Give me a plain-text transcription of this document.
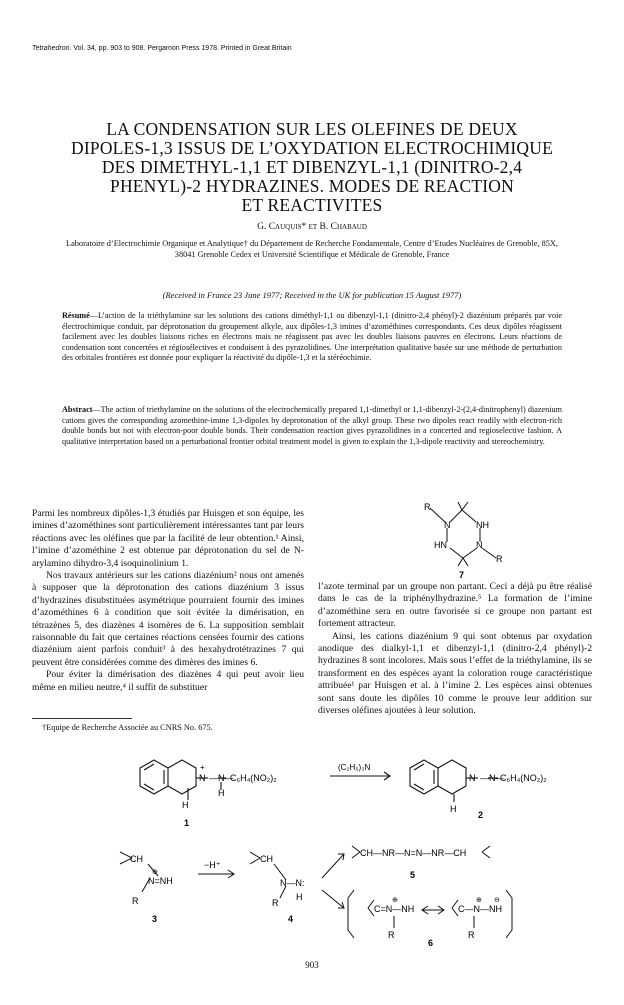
Tetrahedron. Vol. 34, pp. 903 to 908. Pergamon Press 1978. Printed in Great Britain
LA CONDENSATION SUR LES OLEFINES DE DEUX
DIPOLES-1,3 ISSUS DE L’OXYDATION ELECTROCHIMIQUE
DES DIMETHYL-1,1 ET DIBENZYL-1,1 (DINITRO-2,4
PHENYL)-2 HYDRAZINES. MODES DE REACTION
ET REACTIVITES
G. Cauquis* et B. Chabaud
Laboratoire d’Electrochimie Organique et Analytique† du Département de Recherche Fondamentale, Centre d’Etudes Nucléaires de Grenoble, 85X, 38041 Grenoble Cedex et Université Scientifique et Médicale de Grenoble, France
(Received in France 23 June 1977; Received in the UK for publication 15 August 1977)
Résumé—L’action de la triéthylamine sur les solutions des cations diméthyl-1,1 ou dibenzyl-1,1 (dinitro-2,4 phényl)-2 diazénium préparés par voie électrochimique conduit, par déprotonation du groupement alkyle, aux dipôles-1,3 imines d’azométhines correspondants. Ces deux dipôles réagissent facilement avec les doubles liaisons riches en électrons mais ne réagissent pas avec les doubles liaisons pauvres en électrons. Leurs réactions de condensation sont concertées et régiosélectives et conduisent à des pyrazolidines. Une interprétation qualitative basée sur une méthode de perturbation des orbitales frontières est donnée pour expliquer la réactivité du dipôle-1,3 et la stéréochimie.
Abstract—The action of triethylamine on the solutions of the electrochemically prepared 1,1-dimethyl or 1,1-dibenzyl-2-(2,4-dinitrophenyl) diazenium cations gives the corresponding azomethine-imine 1,3-dipoles by deprotonation of the alkyl group. These two dipoles react readily with electron-rich double bonds but not with electron-poor double bonds. Their condensation reaction gives pyrazolidines in a concerted and regioselective fashion. A qualitative interpretation based on a perturbational frontier orbital treatment model is given to explain the 1,3-dipole reactivity and stereochemistry.

Parmi les nombreux dipôles-1,3 étudiés par Huisgen et son équipe, les imines d’azométhines sont particulièrement intéressantes tant par leurs réactions avec les oléfines que par la facilité de leur obtention.¹ Ainsi, l’imine d’azométhine 2 est obtenue par déprotonation du sel de N-arylamino dihydro-3,4 isoquinolinium 1.

Nos travaux antérieurs sur les cations diazénium² nous ont amenés à supposer que la déprotonation des cations diazénium 3 issus d’hydrazines disubstituées asymétrique pourraient fournir des imines d’azométhines 6 à condition que soit évitée la dimérisation, en tétrazènes 5, des diazènes 4 isomères de 6. La supposition semblait raisonnable du fait que certaines réactions censées fournir des cations diazénium aient parfois conduit³ à des hexahydrotétrazines 7 qui peuvent être considérées comme des dimères des imines 6.

Pour éviter la dimérisation des diazènes 4 qui peut avoir lieu même en milieu neutre,⁴ il suffit de substituer

†Equipe de Recherche Associée au CNRS No. 675.
R
N	NH
HN	N
R
7

l’azote terminal par un groupe non partant. Ceci a déjà pu être réalisé dans le cas de la triphénylhydrazine.⁵ La formation de l’imine d’azométhine sera en outre favorisée si ce groupe non partant est fortement attracteur.

Ainsi, les cations diazénium 9 qui sont obtenus par oxydation anodique des dialkyl-1,1 et dibenzyl-1,1 (dinitro-2,4 phényl)-2 hydrazines 8 sont incolores. Mais sous l’effet de la triéthylamine, ils se transforment en des espèces ayant la coloration rouge caractéristique attribuée¹ par Huisgen et al. à l’imine 2. Les espèces ainsi obtenues sont sans doute les dipôles 10 comme le prouve leur addition sur diverses oléfines ajoutées à leur solution.

N
+
—N—
H
C₆H₄(NO₂)₂
H
1
(C₂H₅)₃N
N —N—
C₆H₄(NO₂)₂
H
2
CH
N=NH
⊕
R
−H⁺
3
CH
N—N:
R
H
4
CH—NR—N=N—NR—CH
5
C=N—NH
⊕
R
C—N—NH
⊕ ⊖
R
6
903
